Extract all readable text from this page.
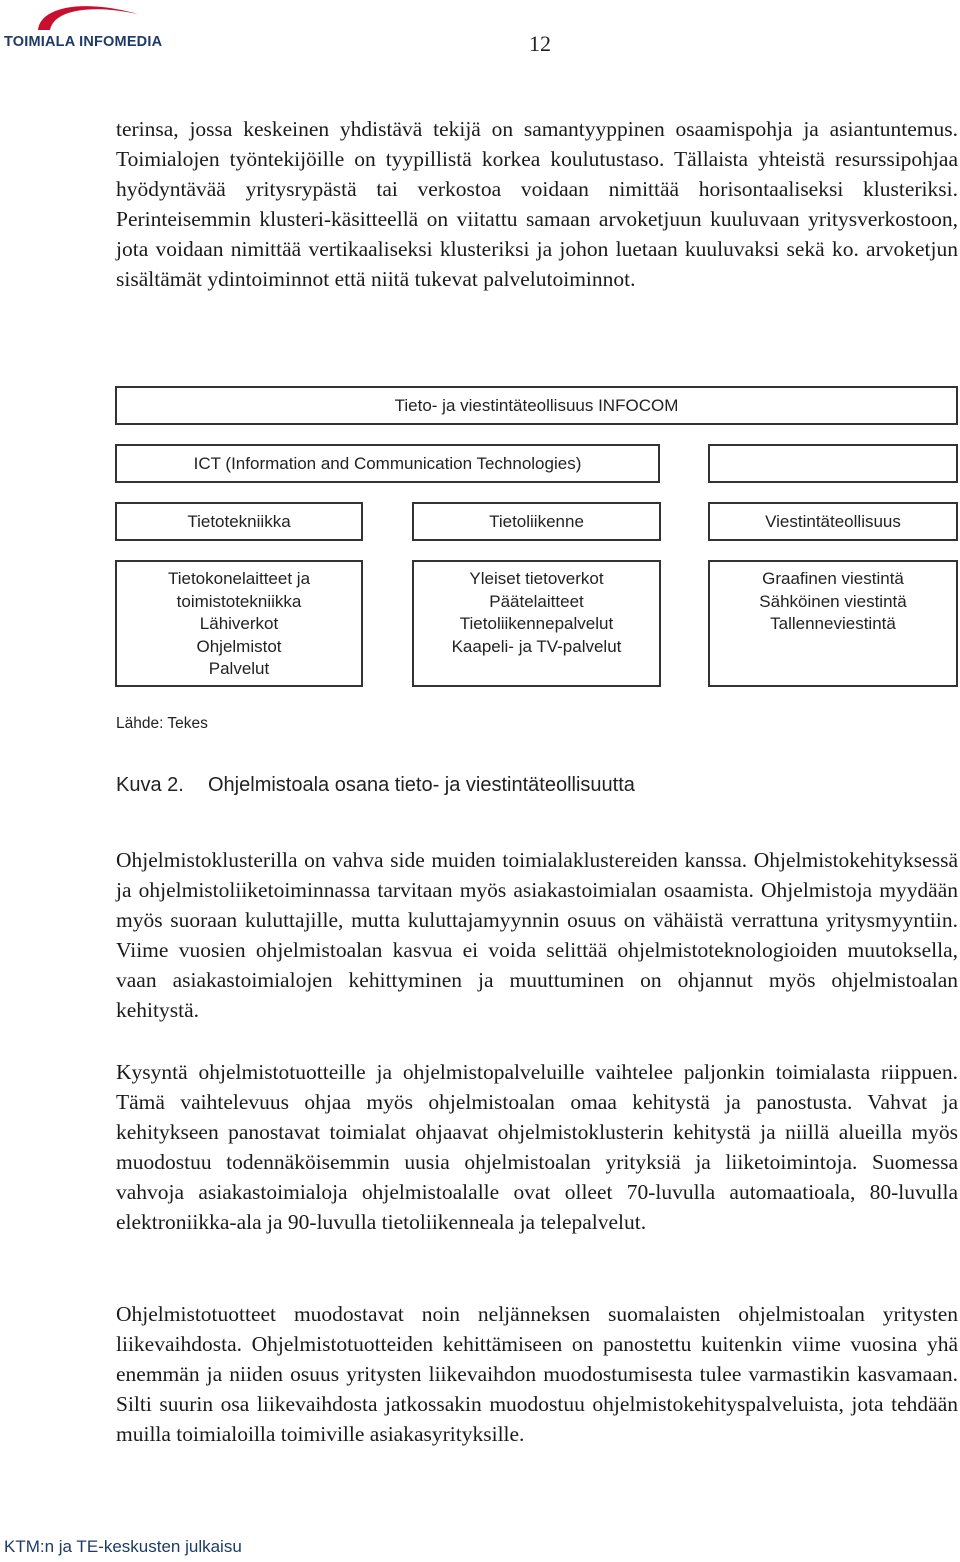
TOIMIALA INFOMEDIA	12

terinsa, jossa keskeinen yhdistävä tekijä on samantyyppinen osaamispohja ja asiantuntemus. Toimialojen työntekijöille on tyypillistä korkea koulutustaso. Tällaista yhteistä resurssipohjaa hyödyntävää yritysrypästä tai verkostoa voidaan nimittää horisontaaliseksi klusteriksi. Perinteisemmin klusteri-käsitteellä on viitattu samaan arvoketjuun kuuluvaan yritysverkostoon, jota voidaan nimittää vertikaaliseksi klusteriksi ja johon luetaan kuuluvaksi sekä ko. arvoketjun sisältämät ydintoiminnot että niitä tukevat palvelutoiminnot.

Tieto- ja viestintäteollisuus INFOCOM
ICT (Information and Communication Technologies)
Tietotekniikka	Tietoliikenne	Viestintäteollisuus
Tietokonelaitteet ja
toimistotekniikka
Lähiverkot
Ohjelmistot
Palvelut
Yleiset tietoverkot
Päätelaitteet
Tietoliikennepalvelut
Kaapeli- ja TV-palvelut
Graafinen viestintä
Sähköinen viestintä
Tallenneviestintä
Lähde: Tekes
Kuva 2. Ohjelmistoala osana tieto- ja viestintäteollisuutta

Ohjelmistoklusterilla on vahva side muiden toimialaklustereiden kanssa. Ohjelmistokehityksessä ja ohjelmistoliiketoiminnassa tarvitaan myös asiakastoimialan osaamista. Ohjelmistoja myydään myös suoraan kuluttajille, mutta kuluttajamyynnin osuus on vähäistä verrattuna yritysmyyntiin. Viime vuosien ohjelmistoalan kasvua ei voida selittää ohjelmistoteknologioiden muutoksella, vaan asiakastoimialojen kehittyminen ja muuttuminen on ohjannut myös ohjelmistoalan kehitystä.

Kysyntä ohjelmistotuotteille ja ohjelmistopalveluille vaihtelee paljonkin toimialasta riippuen. Tämä vaihtelevuus ohjaa myös ohjelmistoalan omaa kehitystä ja panostusta. Vahvat ja kehitykseen panostavat toimialat ohjaavat ohjelmistoklusterin kehitystä ja niillä alueilla myös muodostuu todennäköisemmin uusia ohjelmistoalan yrityksiä ja liiketoimintoja. Suomessa vahvoja asiakastoimialoja ohjelmistoalalle ovat olleet 70-luvulla automaatioala, 80-luvulla elektroniikka-ala ja 90-luvulla tietoliikenneala ja telepalvelut.

Ohjelmistotuotteet muodostavat noin neljänneksen suomalaisten ohjelmistoalan yritysten liikevaihdosta. Ohjelmistotuotteiden kehittämiseen on panostettu kuitenkin viime vuosina yhä enemmän ja niiden osuus yritysten liikevaihdon muodostumisesta tulee varmastikin kasvamaan. Silti suurin osa liikevaihdosta jatkossakin muodostuu ohjelmistokehityspalveluista, jota tehdään muilla toimialoilla toimiville asiakasyrityksille.

KTM:n ja TE-keskusten julkaisu
